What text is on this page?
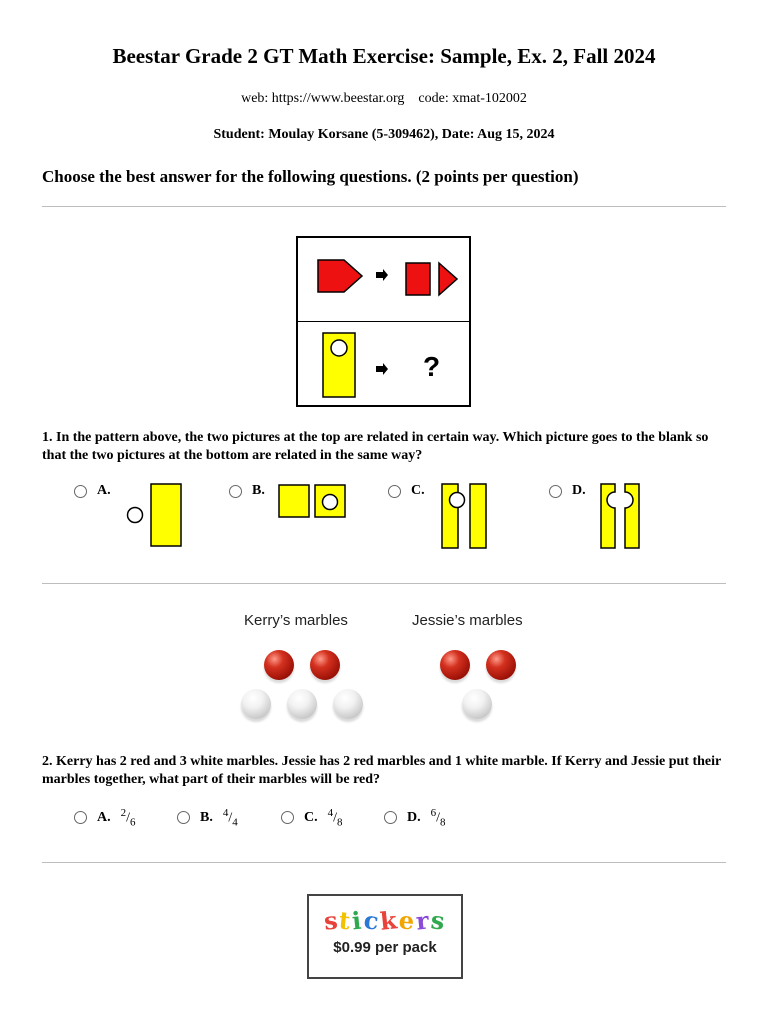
Beestar Grade 2 GT Math Exercise: Sample, Ex. 2, Fall 2024
web: https://www.beestar.org code: xmat-102002
Student: Moulay Korsane (5-309462), Date: Aug 15, 2024
Choose the best answer for the following questions. (2 points per question)
?
1. In the pattern above, the two pictures at the top are related in certain way. Which picture goes to the blank so that the two pictures at the bottom are related in the same way?
A.	B.	C.	D.
Kerry’s marbles	Jessie’s marbles
2. Kerry has 2 red and 3 white marbles. Jessie has 2 red marbles and 1 white marble. If Kerry and Jessie put their marbles together, what part of their marbles will be red?
A. $^2/_6$	B. $^4/_4$	C. $^4/_8$	D. $^6/_8$
stickers
$0.99 per pack
